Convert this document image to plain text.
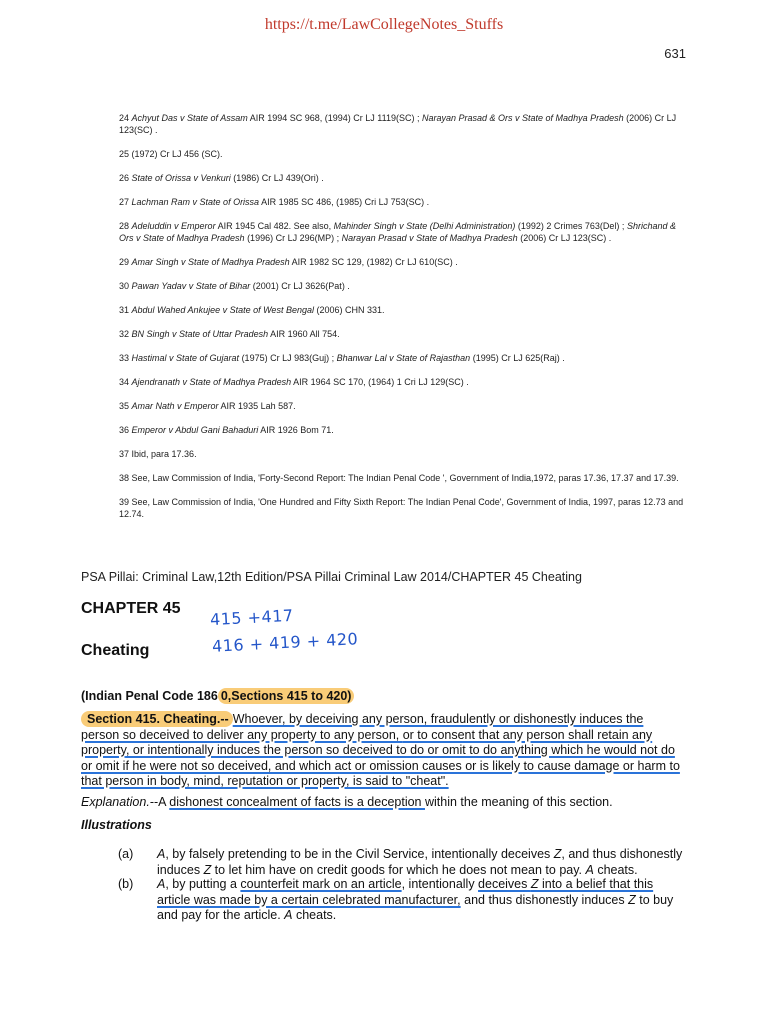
https://t.me/LawCollegeNotes_Stuffs
631
24 Achyut Das v State of Assam AIR 1994 SC 968, (1994) Cr LJ 1119(SC) ; Narayan Prasad & Ors v State of Madhya Pradesh (2006) Cr LJ 123(SC) .
25 (1972) Cr LJ 456 (SC).
26 State of Orissa v Venkuri (1986) Cr LJ 439(Ori) .
27 Lachman Ram v State of Orissa AIR 1985 SC 486, (1985) Cri LJ 753(SC) .
28 Adeluddin v Emperor AIR 1945 Cal 482. See also, Mahinder Singh v State (Delhi Administration) (1992) 2 Crimes 763(Del) ; Shrichand & Ors v State of Madhya Pradesh (1996) Cr LJ 296(MP) ; Narayan Prasad v State of Madhya Pradesh (2006) Cr LJ 123(SC) .
29 Amar Singh v State of Madhya Pradesh AIR 1982 SC 129, (1982) Cr LJ 610(SC) .
30 Pawan Yadav v State of Bihar (2001) Cr LJ 3626(Pat) .
31 Abdul Wahed Ankujee v State of West Bengal (2006) CHN 331.
32 BN Singh v State of Uttar Pradesh AIR 1960 All 754.
33 Hastimal v State of Gujarat (1975) Cr LJ 983(Guj) ; Bhanwar Lal v State of Rajasthan (1995) Cr LJ 625(Raj) .
34 Ajendranath v State of Madhya Pradesh AIR 1964 SC 170, (1964) 1 Cri LJ 129(SC) .
35 Amar Nath v Emperor AIR 1935 Lah 587.
36 Emperor v Abdul Gani Bahaduri AIR 1926 Bom 71.
37 Ibid, para 17.36.
38 See, Law Commission of India, 'Forty-Second Report: The Indian Penal Code ', Government of India,1972, paras 17.36, 17.37 and 17.39.
39 See, Law Commission of India, 'One Hundred and Fifty Sixth Report: The Indian Penal Code', Government of India, 1997, paras 12.73 and 12.74.
PSA Pillai: Criminal Law,12th Edition/PSA Pillai Criminal Law 2014/CHAPTER 45 Cheating
CHAPTER 45
Cheating
415 +417
416 + 419 + 420
(Indian Penal Code 186 0,Sections 415 to 420)
Section 415. Cheating.-- Whoever, by deceiving any person, fraudulently or dishonestly induces the person so deceived to deliver any property to any person, or to consent that any person shall retain any property, or intentionally induces the person so deceived to do or omit to do anything which he would not do or omit if he were not so deceived, and which act or omission causes or is likely to cause damage or harm to that person in body, mind, reputation or property, is said to "cheat".
Explanation.--A dishonest concealment of facts is a deception within the meaning of this section.
Illustrations
(a) A, by falsely pretending to be in the Civil Service, intentionally deceives Z, and thus dishonestly induces Z to let him have on credit goods for which he does not mean to pay. A cheats.
(b) A, by putting a counterfeit mark on an article, intentionally deceives Z into a belief that this article was made by a certain celebrated manufacturer, and thus dishonestly induces Z to buy and pay for the article. A cheats.
